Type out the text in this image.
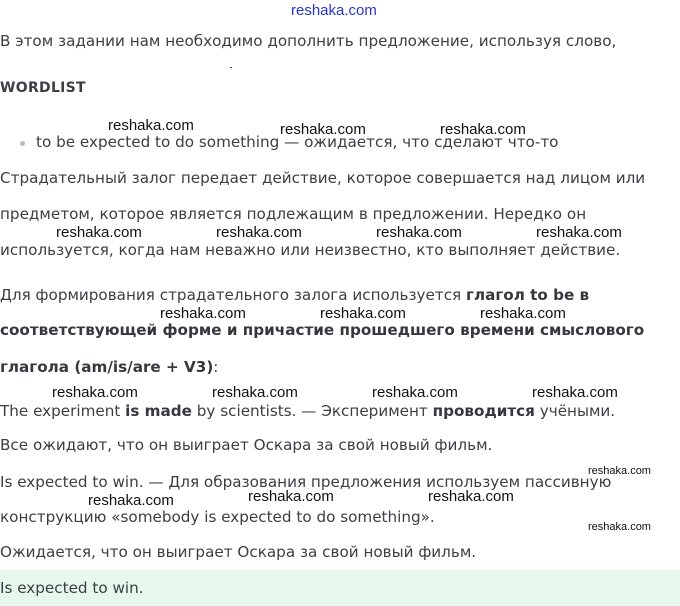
reshaka.com
В этом задании нам необходимо дополнить предложение, используя слово,
WORDLIST
to be expected to do something — ожидается, что сделают что-то
Страдательный залог передает действие, которое совершается над лицом или
предметом, которое является подлежащим в предложении. Нередко он
используется, когда нам неважно или неизвестно, кто выполняет действие.
Для формирования страдательного залога используется глагол to be в
соответствующей форме и причастие прошедшего времени смыслового
глагола (am/is/are + V3):
The experiment is made by scientists. — Эксперимент проводится учёными.
Все ожидают, что он выиграет Оскара за свой новый фильм.
Is expected to win. — Для образования предложения используем пассивную
конструкцию «somebody is expected to do something».
Ожидается, что он выиграет Оскара за свой новый фильм.
Is expected to win.
reshaka.com	reshaka.com	reshaka.com
reshaka.com	reshaka.com	reshaka.com	reshaka.com
reshaka.com	reshaka.com	reshaka.com
reshaka.com	reshaka.com	reshaka.com	reshaka.com
reshaka.com
reshaka.com	reshaka.com	reshaka.com
reshaka.com
